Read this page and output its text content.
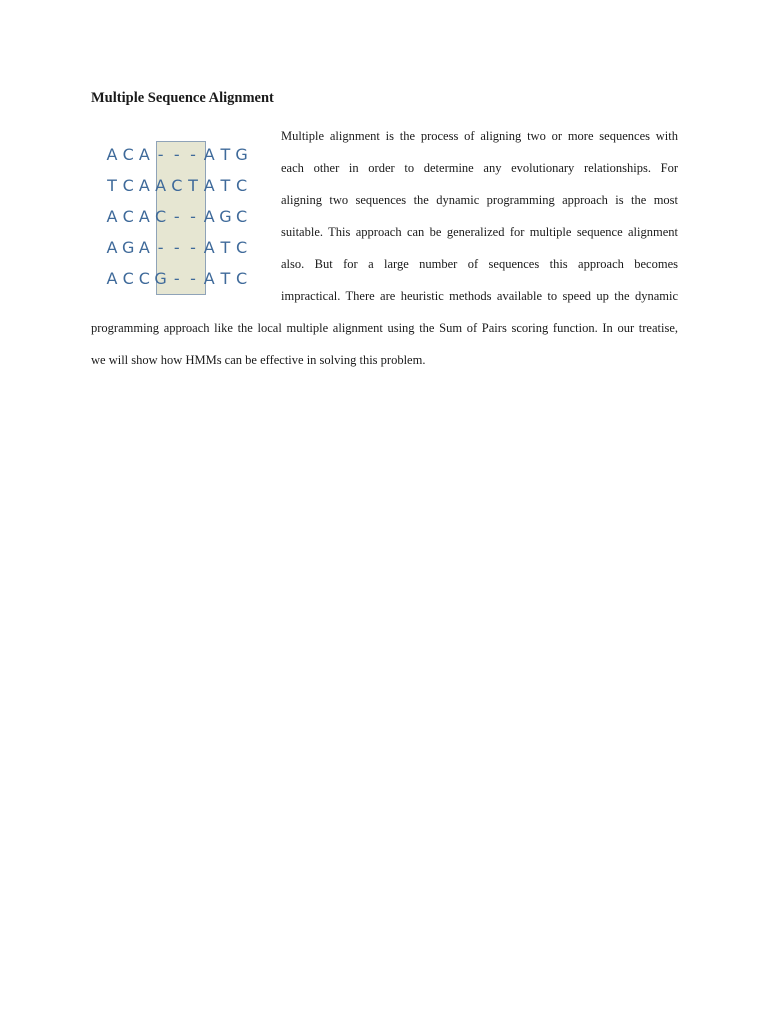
Multiple Sequence Alignment
A C A - - - A T G
T C A A C T A T C
A C A C - - A G C
A G A - - - A T C
A C C G - - A T C
Multiple alignment is the process of aligning two or more sequences with
each other in order to determine any evolutionary relationships. For
aligning two sequences the dynamic programming approach is the most
suitable. This approach can be generalized for multiple sequence alignment
also. But for a large number of sequences this approach becomes
impractical. There are heuristic methods available to speed up the dynamic
programming approach like the local multiple alignment using the Sum of Pairs scoring function. In our treatise,
we will show how HMMs can be effective in solving this problem.
